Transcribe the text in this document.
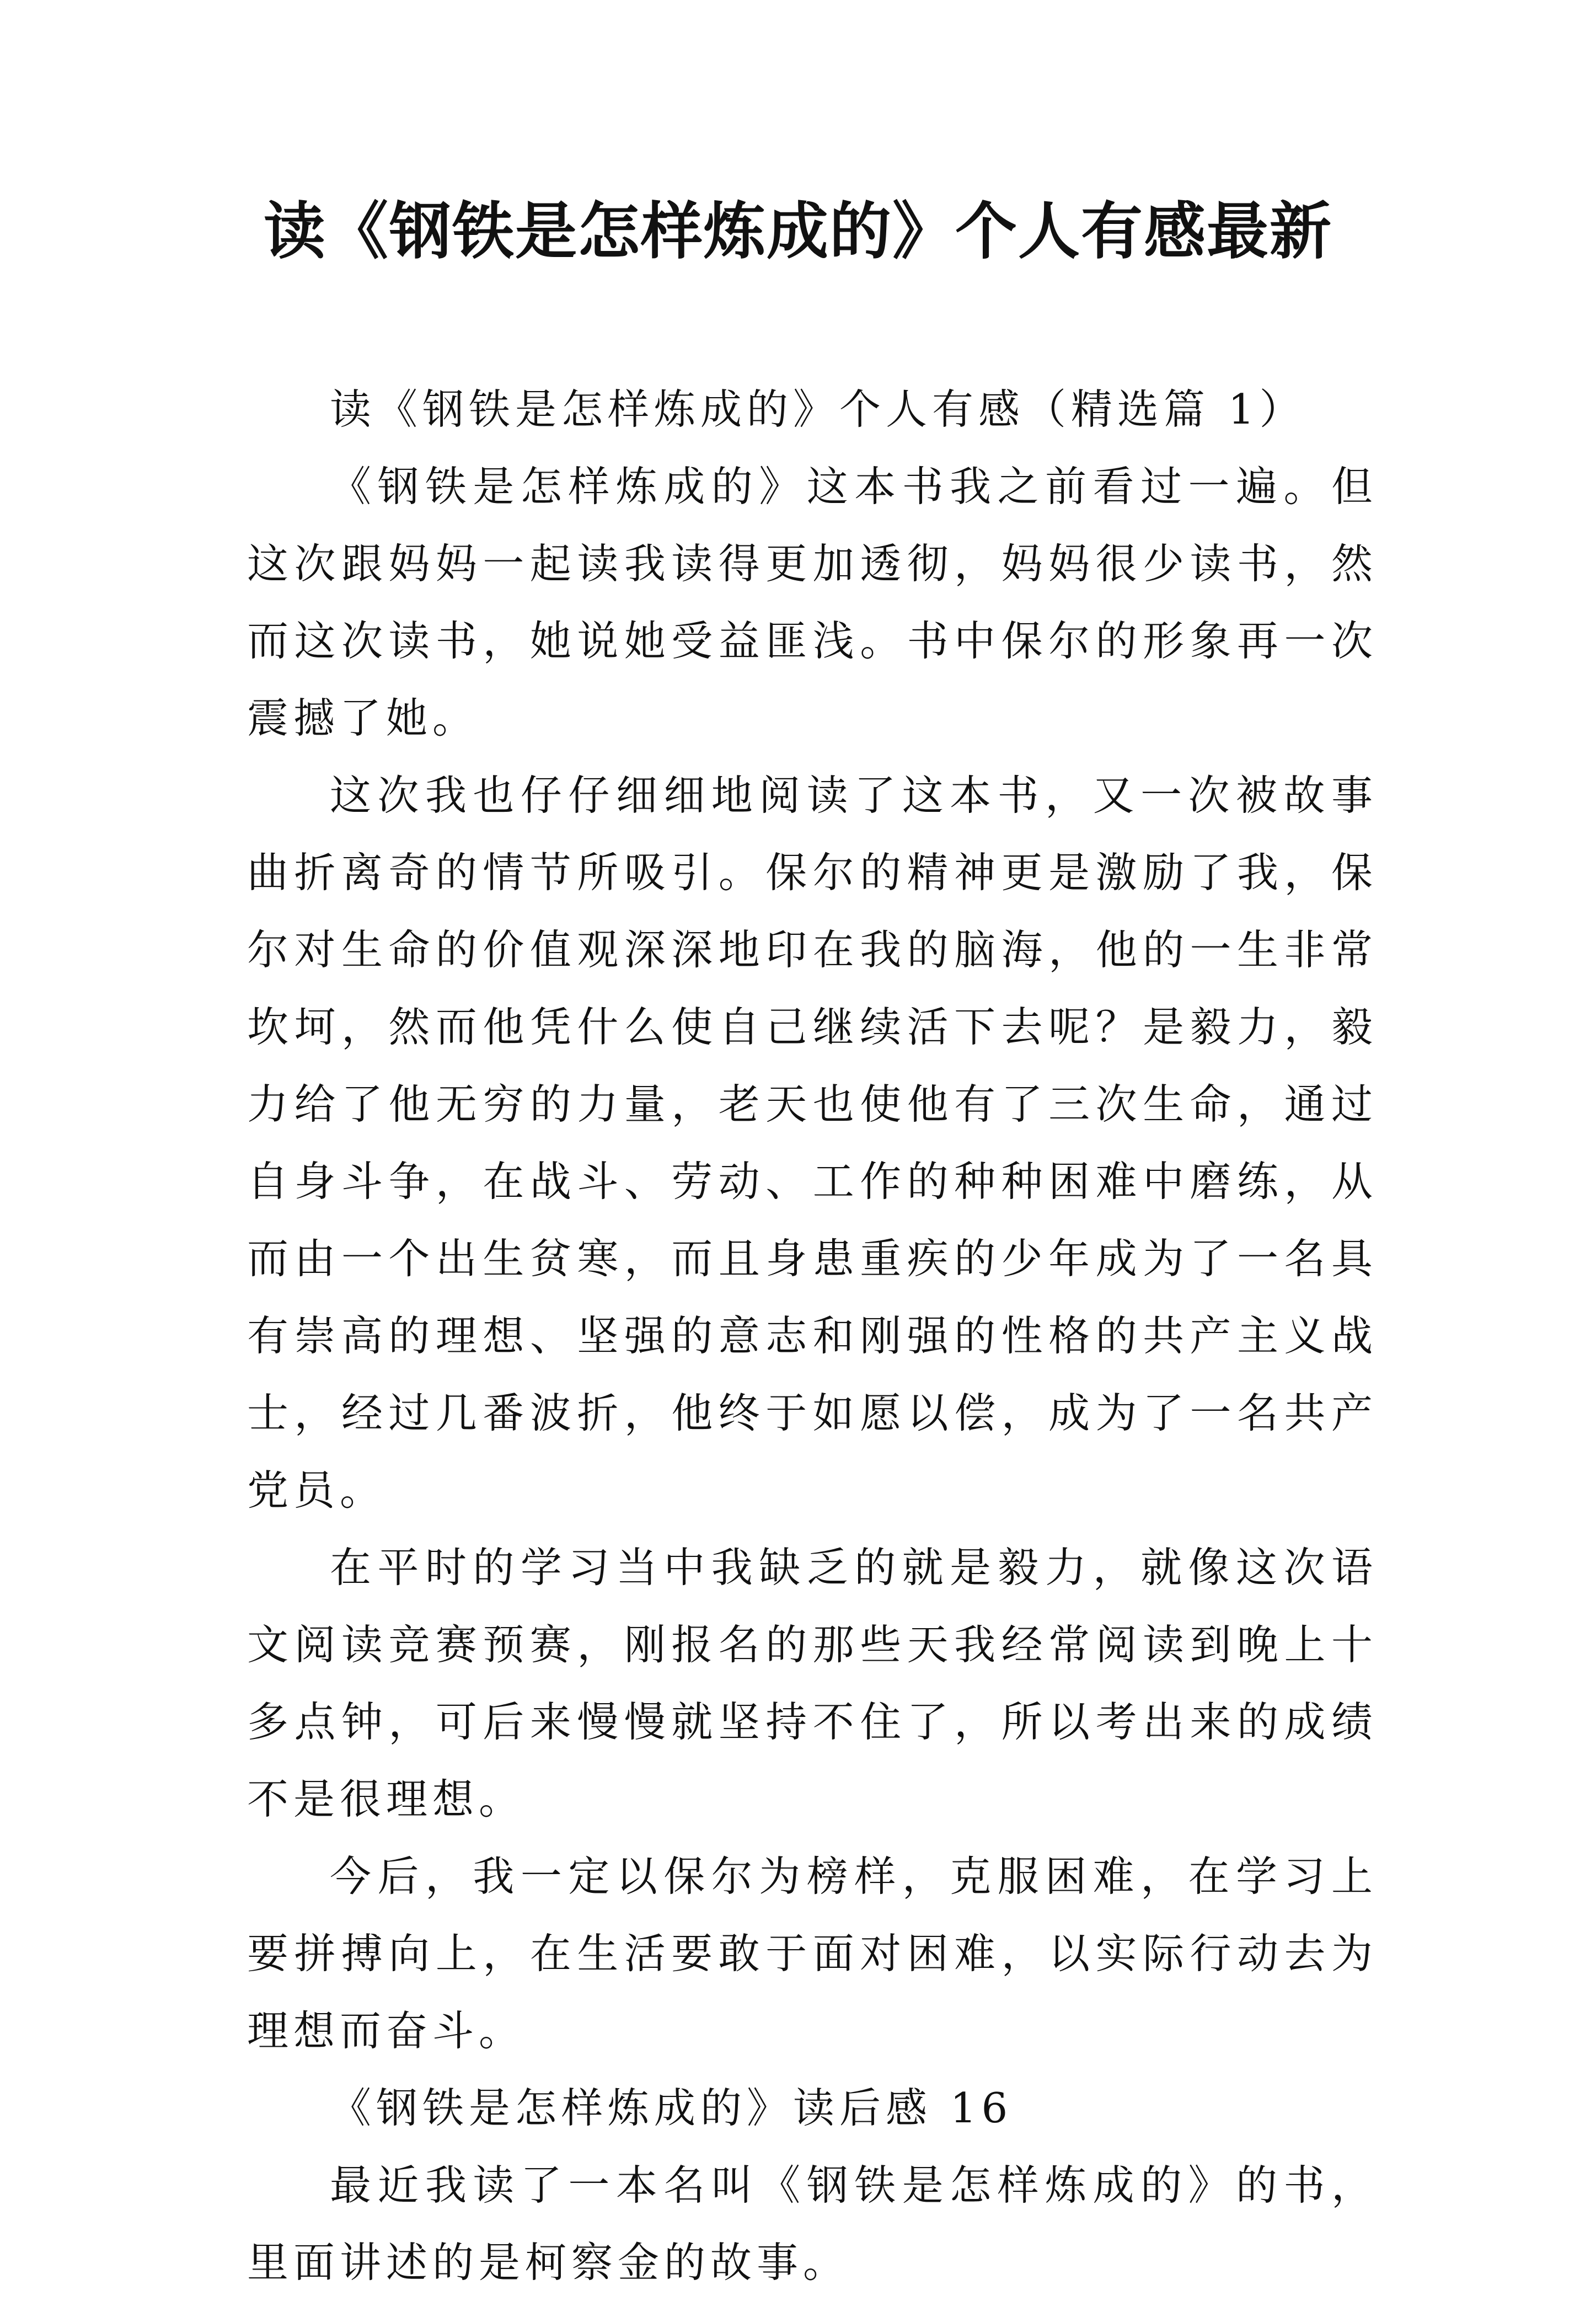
读《钢铁是怎样炼成的》个人有感最新

读《钢铁是怎样炼成的》个人有感（精选篇 1）

《钢铁是怎样炼成的》这本书我之前看过一遍。但这次跟妈妈一起读我读得更加透彻，妈妈很少读书，然而这次读书，她说她受益匪浅。书中保尔的形象再一次震撼了她。

这次我也仔仔细细地阅读了这本书，又一次被故事曲折离奇的情节所吸引。保尔的精神更是激励了我，保尔对生命的价值观深深地印在我的脑海，他的一生非常坎坷，然而他凭什么使自己继续活下去呢？是毅力，毅力给了他无穷的力量，老天也使他有了三次生命，通过自身斗争，在战斗、劳动、工作的种种困难中磨练，从而由一个出生贫寒，而且身患重疾的少年成为了一名具有崇高的理想、坚强的意志和刚强的性格的共产主义战士，经过几番波折，他终于如愿以偿，成为了一名共产党员。

在平时的学习当中我缺乏的就是毅力，就像这次语文阅读竞赛预赛，刚报名的那些天我经常阅读到晚上十多点钟，可后来慢慢就坚持不住了，所以考出来的成绩不是很理想。

今后，我一定以保尔为榜样，克服困难，在学习上要拼搏向上，在生活要敢于面对困难，以实际行动去为理想而奋斗。

《钢铁是怎样炼成的》读后感 16

最近我读了一本名叫《钢铁是怎样炼成的》的书，里面讲述的是柯察金的故事。
